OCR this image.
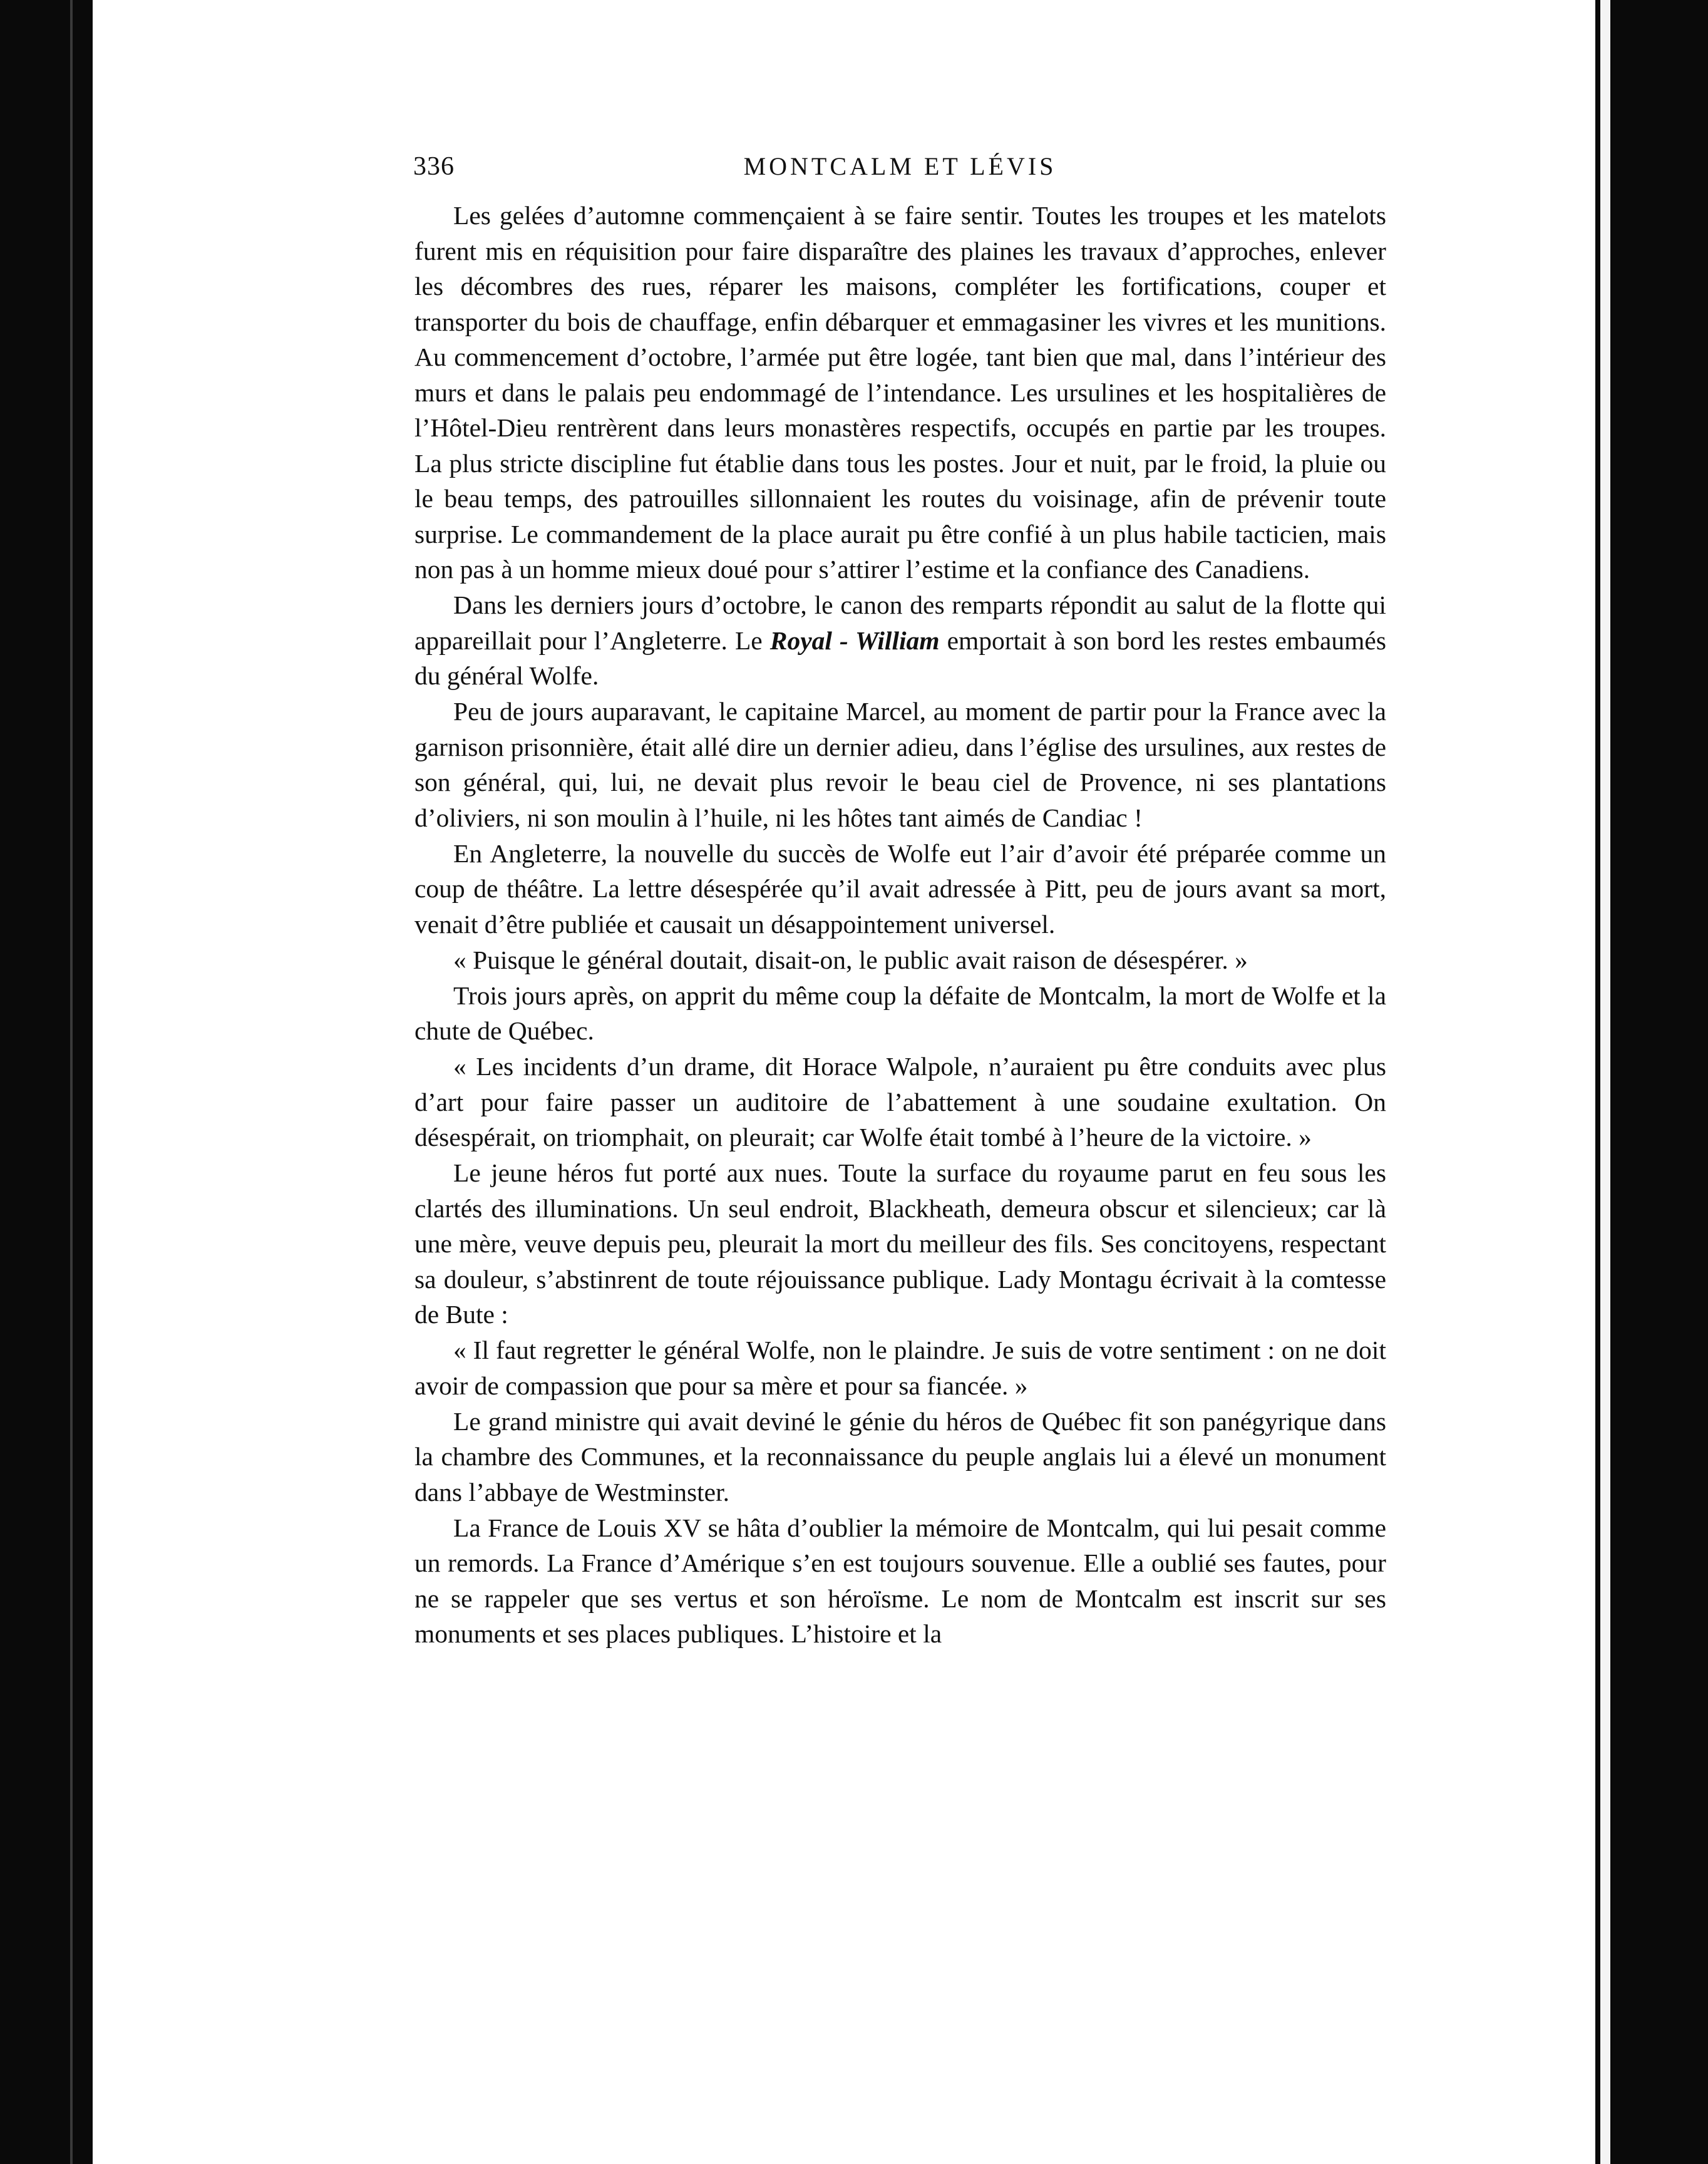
MONTCALM ET LÉVIS
336

Les gelées d’automne commençaient à se faire sentir. Toutes les troupes et les matelots furent mis en réquisition pour faire disparaître des plaines les travaux d’approches, enlever les décombres des rues, réparer les maisons, compléter les fortifications, couper et transporter du bois de chauffage, enfin débarquer et emmagasiner les vivres et les munitions. Au commencement d’octobre, l’armée put être logée, tant bien que mal, dans l’intérieur des murs et dans le palais peu endommagé de l’intendance. Les ursulines et les hospitalières de l’Hôtel-Dieu rentrèrent dans leurs monastères respectifs, occupés en partie par les troupes. La plus stricte discipline fut établie dans tous les postes. Jour et nuit, par le froid, la pluie ou le beau temps, des patrouilles sillonnaient les routes du voisinage, afin de prévenir toute surprise. Le commandement de la place aurait pu être confié à un plus habile tacticien, mais non pas à un homme mieux doué pour s’attirer l’estime et la confiance des Canadiens.

Dans les derniers jours d’octobre, le canon des remparts répondit au salut de la flotte qui appareillait pour l’Angleterre. Le Royal - William emportait à son bord les restes embaumés du général Wolfe.

Peu de jours auparavant, le capitaine Marcel, au moment de partir pour la France avec la garnison prisonnière, était allé dire un dernier adieu, dans l’église des ursulines, aux restes de son général, qui, lui, ne devait plus revoir le beau ciel de Provence, ni ses plantations d’oliviers, ni son moulin à l’huile, ni les hôtes tant aimés de Candiac !

En Angleterre, la nouvelle du succès de Wolfe eut l’air d’avoir été préparée comme un coup de théâtre. La lettre désespérée qu’il avait adressée à Pitt, peu de jours avant sa mort, venait d’être publiée et causait un désappointement universel.

« Puisque le général doutait, disait-on, le public avait raison de désespérer. »

Trois jours après, on apprit du même coup la défaite de Montcalm, la mort de Wolfe et la chute de Québec.

« Les incidents d’un drame, dit Horace Walpole, n’auraient pu être conduits avec plus d’art pour faire passer un auditoire de l’abattement à une soudaine exultation. On désespérait, on triomphait, on pleurait; car Wolfe était tombé à l’heure de la victoire. »

Le jeune héros fut porté aux nues. Toute la surface du royaume parut en feu sous les clartés des illuminations. Un seul endroit, Blackheath, demeura obscur et silencieux; car là une mère, veuve depuis peu, pleurait la mort du meilleur des fils. Ses concitoyens, respectant sa douleur, s’abstinrent de toute réjouissance publique. Lady Montagu écrivait à la comtesse de Bute :

« Il faut regretter le général Wolfe, non le plaindre. Je suis de votre sentiment : on ne doit avoir de compassion que pour sa mère et pour sa fiancée. »

Le grand ministre qui avait deviné le génie du héros de Québec fit son panégyrique dans la chambre des Communes, et la reconnaissance du peuple anglais lui a élevé un monument dans l’abbaye de Westminster.

La France de Louis XV se hâta d’oublier la mémoire de Montcalm, qui lui pesait comme un remords. La France d’Amérique s’en est toujours souvenue. Elle a oublié ses fautes, pour ne se rappeler que ses vertus et son héroïsme. Le nom de Montcalm est inscrit sur ses monuments et ses places publiques. L’histoire et la
